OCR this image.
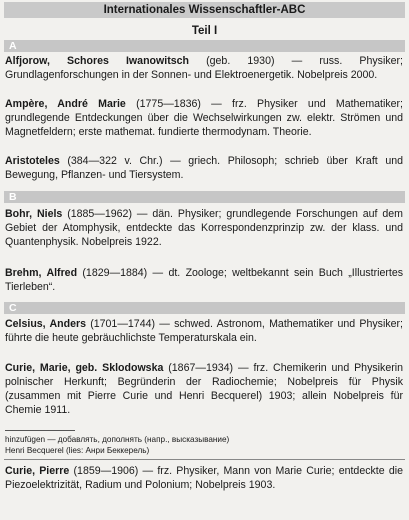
Internationales Wissenschaftler-ABC
Teil I
A
Alfjorow, Schores Iwanowitsch (geb. 1930) — russ. Physiker; Grundlagenforschungen in der Sonnen- und Elektroenergetik. Nobelpreis 2000.
Ampère, André Marie (1775—1836) — frz. Physiker und Mathematiker; grundlegende Entdeckungen über die Wechselwirkungen zw. elektr. Strömen und Magnetfeldern; erste mathemat. fundierte thermodynam. Theorie.
Aristoteles (384—322 v. Chr.) — griech. Philosoph; schrieb über Kraft und Bewegung, Pflanzen- und Tiersystem.
B
Bohr, Niels (1885—1962) — dän. Physiker; grundlegende Forschungen auf dem Gebiet der Atomphysik, entdeckte das Korrespondenzprinzip zw. der klass. und Quantenphysik. Nobelpreis 1922.
Brehm, Alfred (1829—1884) — dt. Zoologe; weltbekannt sein Buch „Illustriertes Tierleben“.
C
Celsius, Anders (1701—1744) — schwed. Astronom, Mathematiker und Physiker; führte die heute gebräuchlichste Temperaturskala ein.
Curie, Marie, geb. Sklodowska (1867—1934) — frz. Chemikerin und Physikerin polnischer Herkunft; Begründerin der Radiochemie; Nobelpreis für Physik (zusammen mit Pierre Curie und Henri Becquerel) 1903; allein Nobelpreis für Chemie 1911.
hinzufügen — добавлять, дополнять (напр., высказывание)
Henri Becquerel (lies: Анри Беккерель)
Curie, Pierre (1859—1906) — frz. Physiker, Mann von Marie Curie; entdeckte die Piezoelektrizität, Radium und Polonium; Nobelpreis 1903.
